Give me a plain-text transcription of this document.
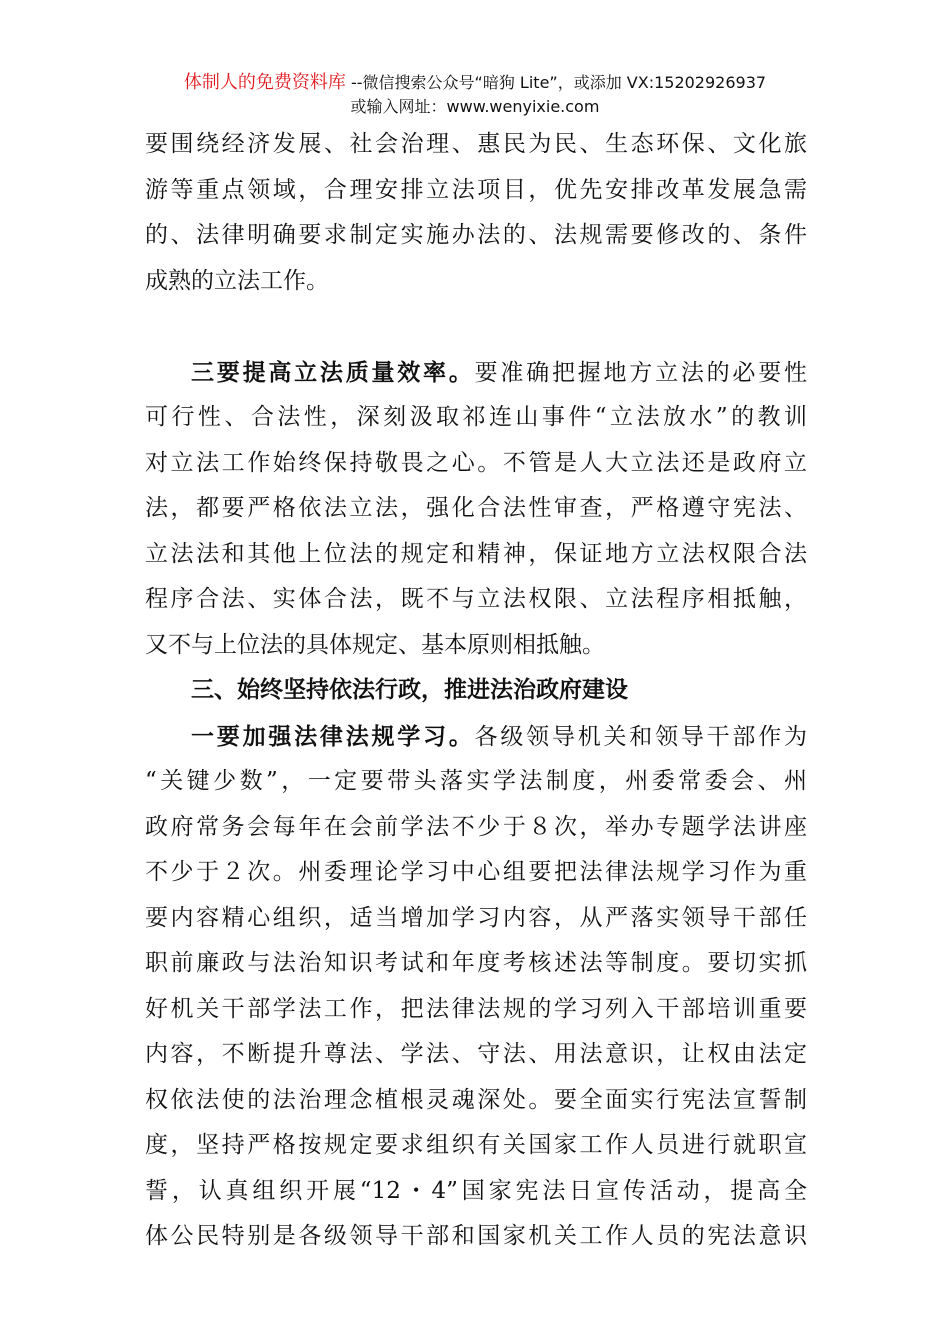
体制人的免费资料库 --微信搜索公众号“暗狗 Lite”，或添加 VX:15202926937
或输入网址：www.wenyixie.com
要围绕经济发展、社会治理、惠民为民、生态环保、文化旅
游等重点领域，合理安排立法项目，优先安排改革发展急需
的、法律明确要求制定实施办法的、法规需要修改的、条件
成熟的立法工作。
三要提高立法质量效率。要准确把握地方立法的必要性
可行性、合法性，深刻汲取祁连山事件“立法放水”的教训
对立法工作始终保持敬畏之心。不管是人大立法还是政府立
法，都要严格依法立法，强化合法性审查，严格遵守宪法、
立法法和其他上位法的规定和精神，保证地方立法权限合法
程序合法、实体合法，既不与立法权限、立法程序相抵触，
又不与上位法的具体规定、基本原则相抵触。
三、始终坚持依法行政，推进法治政府建设
一要加强法律法规学习。各级领导机关和领导干部作为
“关键少数”，一定要带头落实学法制度，州委常委会、州
政府常务会每年在会前学法不少于８次，举办专题学法讲座
不少于２次。州委理论学习中心组要把法律法规学习作为重
要内容精心组织，适当增加学习内容，从严落实领导干部任
职前廉政与法治知识考试和年度考核述法等制度。要切实抓
好机关干部学法工作，把法律法规的学习列入干部培训重要
内容，不断提升尊法、学法、守法、用法意识，让权由法定
权依法使的法治理念植根灵魂深处。要全面实行宪法宣誓制
度，坚持严格按规定要求组织有关国家工作人员进行就职宣
誓，认真组织开展“12・4”国家宪法日宣传活动，提高全
体公民特别是各级领导干部和国家机关工作人员的宪法意识
